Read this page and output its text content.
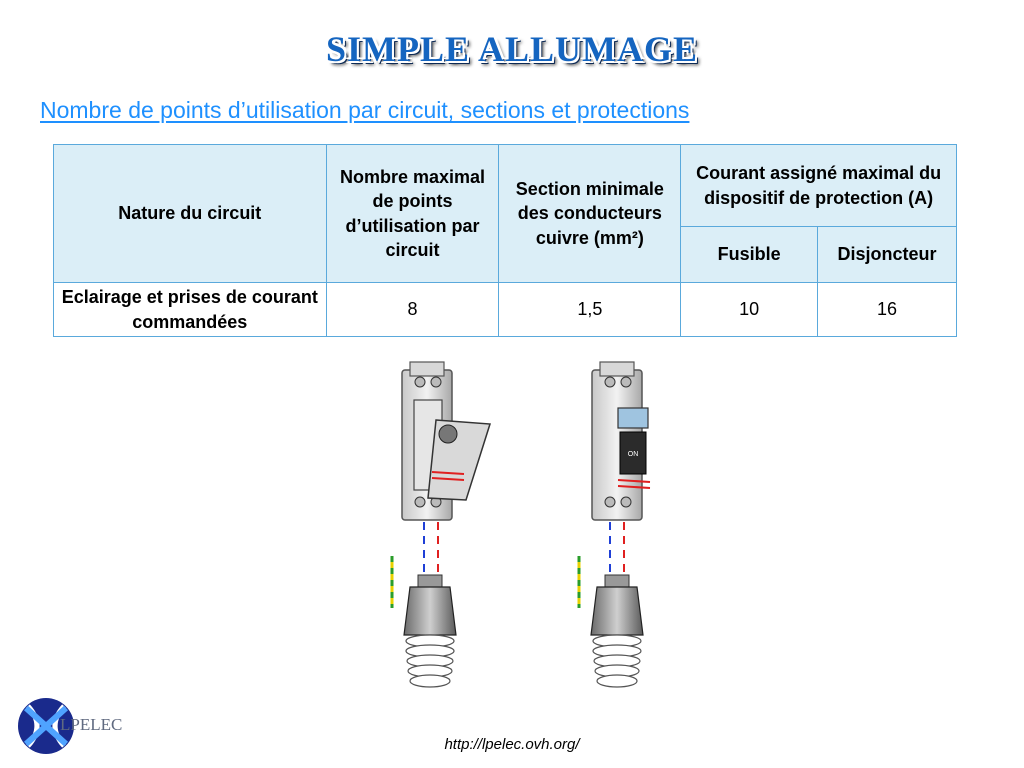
SIMPLE ALLUMAGE
Nombre de points d’utilisation par circuit, sections et protections
Nature du circuit	Nombre maximal de points d’utilisation par circuit	Section minimale des conducteurs cuivre (mm²)	Courant assigné maximal du dispositif de protection (A)	
			Fusible	Disjoncteur
Eclairage et prises de courant commandées	8	1,5	10	16
ON
LPELEC
http://lpelec.ovh.org/
